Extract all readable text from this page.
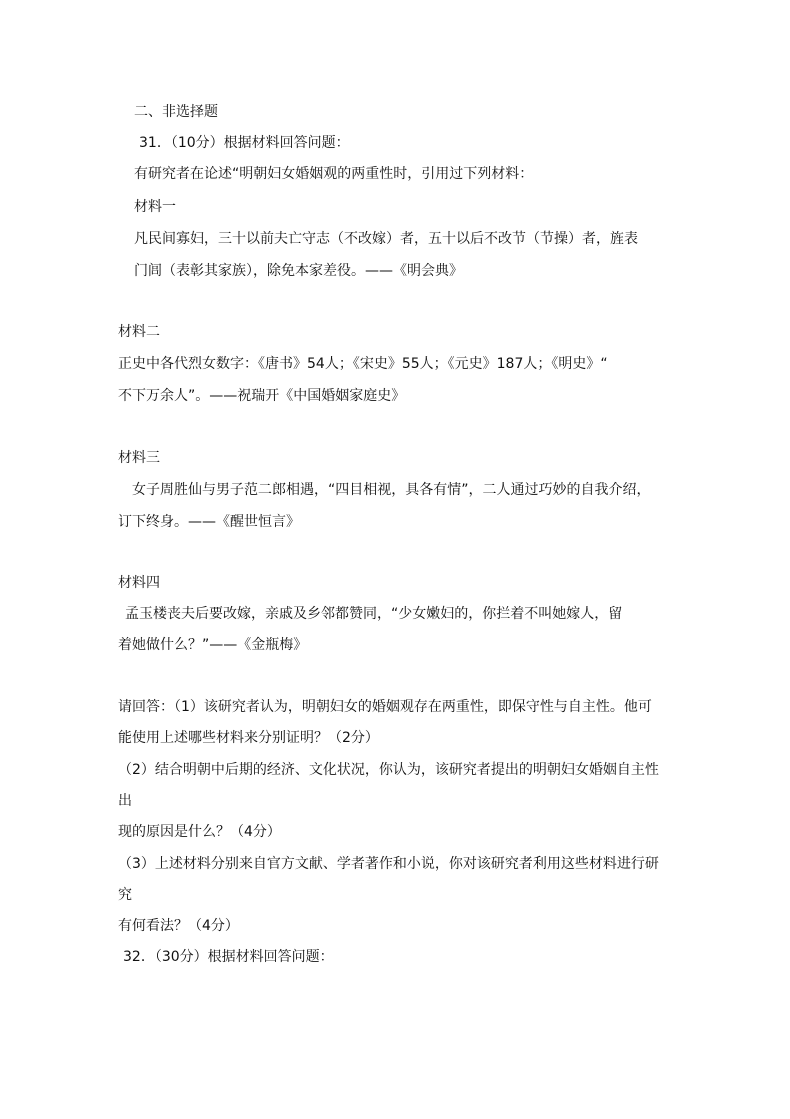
二、非选择题
31．（10分）根据材料回答问题：
有研究者在论述“明朝妇女婚姻观的两重性时，引用过下列材料：
材料一
凡民间寡妇，三十以前夫亡守志（不改嫁）者，五十以后不改节（节操）者，旌表
门闾（表彰其家族），除免本家差役。——《明会典》
材料二
正史中各代烈女数字：《唐书》54人；《宋史》55人；《元史》187人；《明史》“
不下万余人”。——祝瑞开《中国婚姻家庭史》
材料三
女子周胜仙与男子范二郎相遇，“四目相视，具各有情”，二人通过巧妙的自我介绍，
订下终身。——《醒世恒言》
材料四
孟玉楼丧夫后要改嫁，亲戚及乡邻都赞同，“少女嫩妇的，你拦着不叫她嫁人，留
着她做什么？”——《金瓶梅》
请回答：（1）该研究者认为，明朝妇女的婚姻观存在两重性，即保守性与自主性。他可
能使用上述哪些材料来分别证明？（2分）
（2）结合明朝中后期的经济、文化状况，你认为，该研究者提出的明朝妇女婚姻自主性
出
现的原因是什么？（4分）
（3）上述材料分别来自官方文献、学者著作和小说，你对该研究者利用这些材料进行研
究
有何看法？（4分）
32．（30分）根据材料回答问题：
